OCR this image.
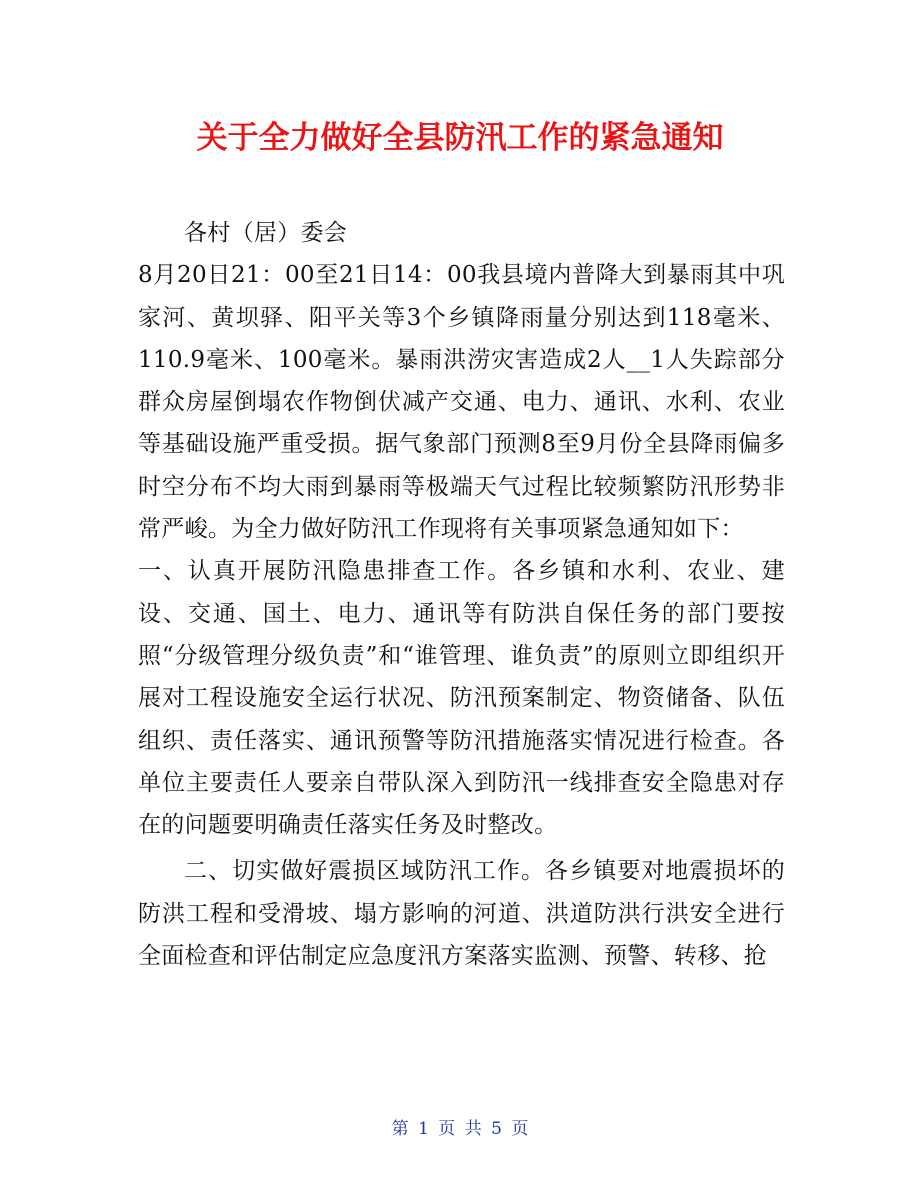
关于全力做好全县防汛工作的紧急通知

各村（居）委会

8月20日21：00至21日14：00我县境内普降大到暴雨其中巩家河、黄坝驿、阳平关等3个乡镇降雨量分别达到118毫米、110.9毫米、100毫米。暴雨洪涝灾害造成2人__1人失踪部分群众房屋倒塌农作物倒伏减产交通、电力、通讯、水利、农业等基础设施严重受损。据气象部门预测8至9月份全县降雨偏多时空分布不均大雨到暴雨等极端天气过程比较频繁防汛形势非常严峻。为全力做好防汛工作现将有关事项紧急通知如下：

一、认真开展防汛隐患排查工作。各乡镇和水利、农业、建设、交通、国土、电力、通讯等有防洪自保任务的部门要按照“分级管理分级负责”和“谁管理、谁负责”的原则立即组织开展对工程设施安全运行状况、防汛预案制定、物资储备、队伍组织、责任落实、通讯预警等防汛措施落实情况进行检查。各单位主要责任人要亲自带队深入到防汛一线排查安全隐患对存在的问题要明确责任落实任务及时整改。

二、切实做好震损区域防汛工作。各乡镇要对地震损坏的防洪工程和受滑坡、塌方影响的河道、洪道防洪行洪安全进行全面检查和评估制定应急度汛方案落实监测、预警、转移、抢

第 1 页 共 5 页
